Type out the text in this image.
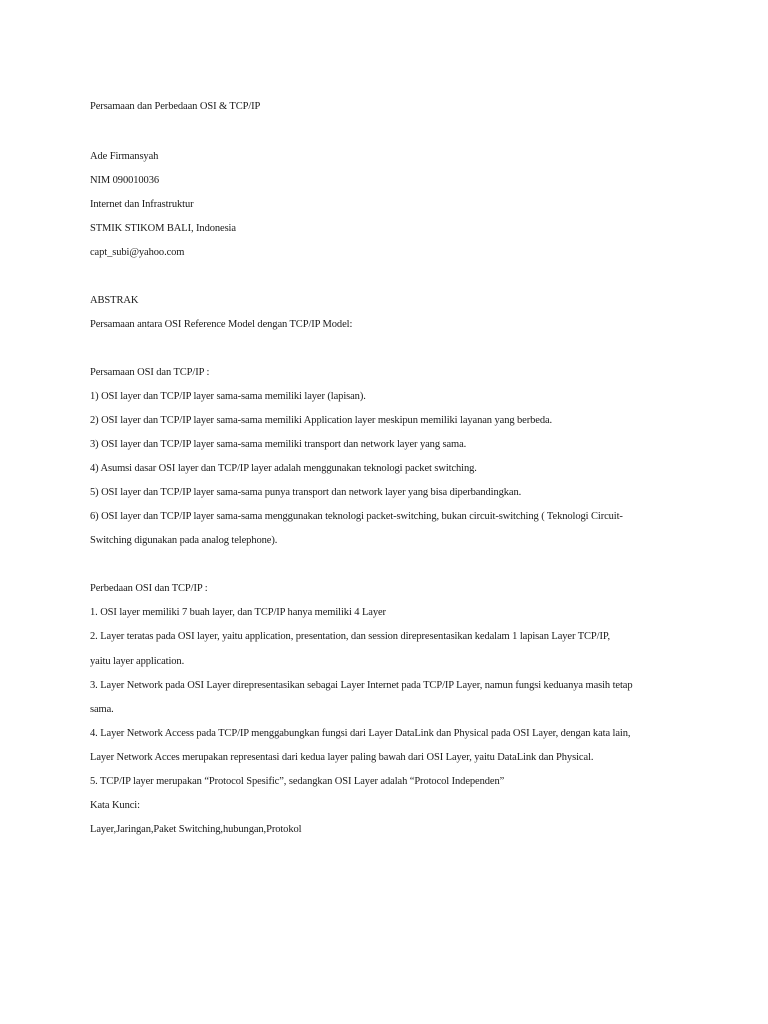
Persamaan dan Perbedaan OSI & TCP/IP
Ade Firmansyah
NIM 090010036
Internet dan Infrastruktur
STMIK STIKOM BALI, Indonesia
capt_subi@yahoo.com
ABSTRAK
Persamaan antara OSI Reference Model dengan TCP/IP Model:
Persamaan OSI dan TCP/IP :
1) OSI layer dan TCP/IP layer sama-sama memiliki layer (lapisan).
2) OSI layer dan TCP/IP layer sama-sama memiliki Application layer meskipun memiliki layanan yang berbeda.
3) OSI layer dan TCP/IP layer sama-sama memiliki transport dan network layer yang sama.
4) Asumsi dasar OSI layer dan TCP/IP layer adalah menggunakan teknologi packet switching.
5) OSI layer dan TCP/IP layer sama-sama punya transport dan network layer yang bisa diperbandingkan.
6) OSI layer dan TCP/IP layer sama-sama menggunakan teknologi packet-switching, bukan circuit-switching ( Teknologi Circuit-
Switching digunakan pada analog telephone).
Perbedaan OSI dan TCP/IP :
1. OSI layer memiliki 7 buah layer, dan TCP/IP hanya memiliki 4 Layer
2. Layer teratas pada OSI layer, yaitu application, presentation, dan session direpresentasikan kedalam 1 lapisan Layer TCP/IP,
yaitu layer application.
3. Layer Network pada OSI Layer direpresentasikan sebagai Layer Internet pada TCP/IP Layer, namun fungsi keduanya masih tetap
sama.
4. Layer Network Access pada TCP/IP menggabungkan fungsi dari Layer DataLink dan Physical pada OSI Layer, dengan kata lain,
Layer Network Acces merupakan representasi dari kedua layer paling bawah dari OSI Layer, yaitu DataLink dan Physical.
5. TCP/IP layer merupakan “Protocol Spesific”, sedangkan OSI Layer adalah “Protocol Independen”
Kata Kunci:
Layer,Jaringan,Paket Switching,hubungan,Protokol
